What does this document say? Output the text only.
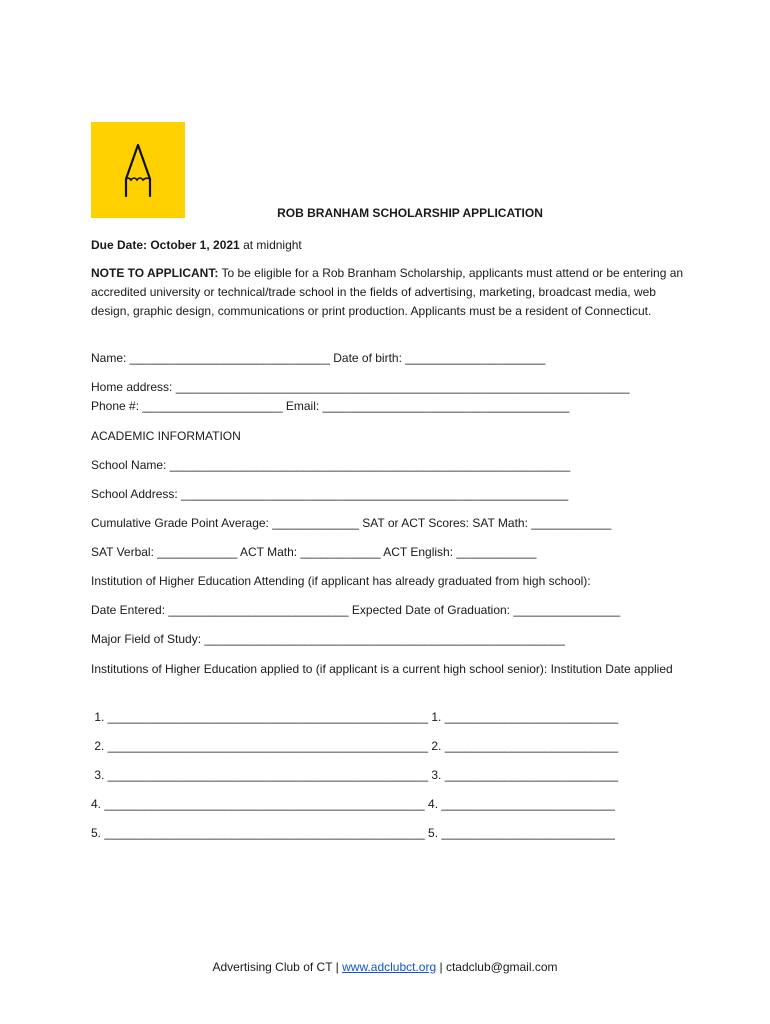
ROB BRANHAM SCHOLARSHIP APPLICATION
Due Date: October 1, 2021 at midnight
NOTE TO APPLICANT: To be eligible for a Rob Branham Scholarship, applicants must attend or be entering an accredited university or technical/trade school in the fields of advertising, marketing, broadcast media, web design, graphic design, communications or print production. Applicants must be a resident of Connecticut.
Name: ______________________________ Date of birth: _____________________
Home address: ____________________________________________________________________
Phone #: _____________________ Email: _____________________________________
ACADEMIC INFORMATION
School Name: ____________________________________________________________
School Address: __________________________________________________________
Cumulative Grade Point Average: _____________ SAT or ACT Scores: SAT Math: ____________
SAT Verbal: ____________ ACT Math: ____________ ACT English: ____________
Institution of Higher Education Attending (if applicant has already graduated from high school):
Date Entered: ___________________________ Expected Date of Graduation: ________________
Major Field of Study: ______________________________________________________
Institutions of Higher Education applied to (if applicant is a current high school senior): Institution Date applied
1. ________________________________________________ 1. __________________________
2. ________________________________________________ 2. __________________________
3. ________________________________________________ 3. __________________________
4. ________________________________________________ 4. __________________________
5. ________________________________________________ 5. __________________________
Advertising Club of CT | www.adclubct.org | ctadclub@gmail.com
